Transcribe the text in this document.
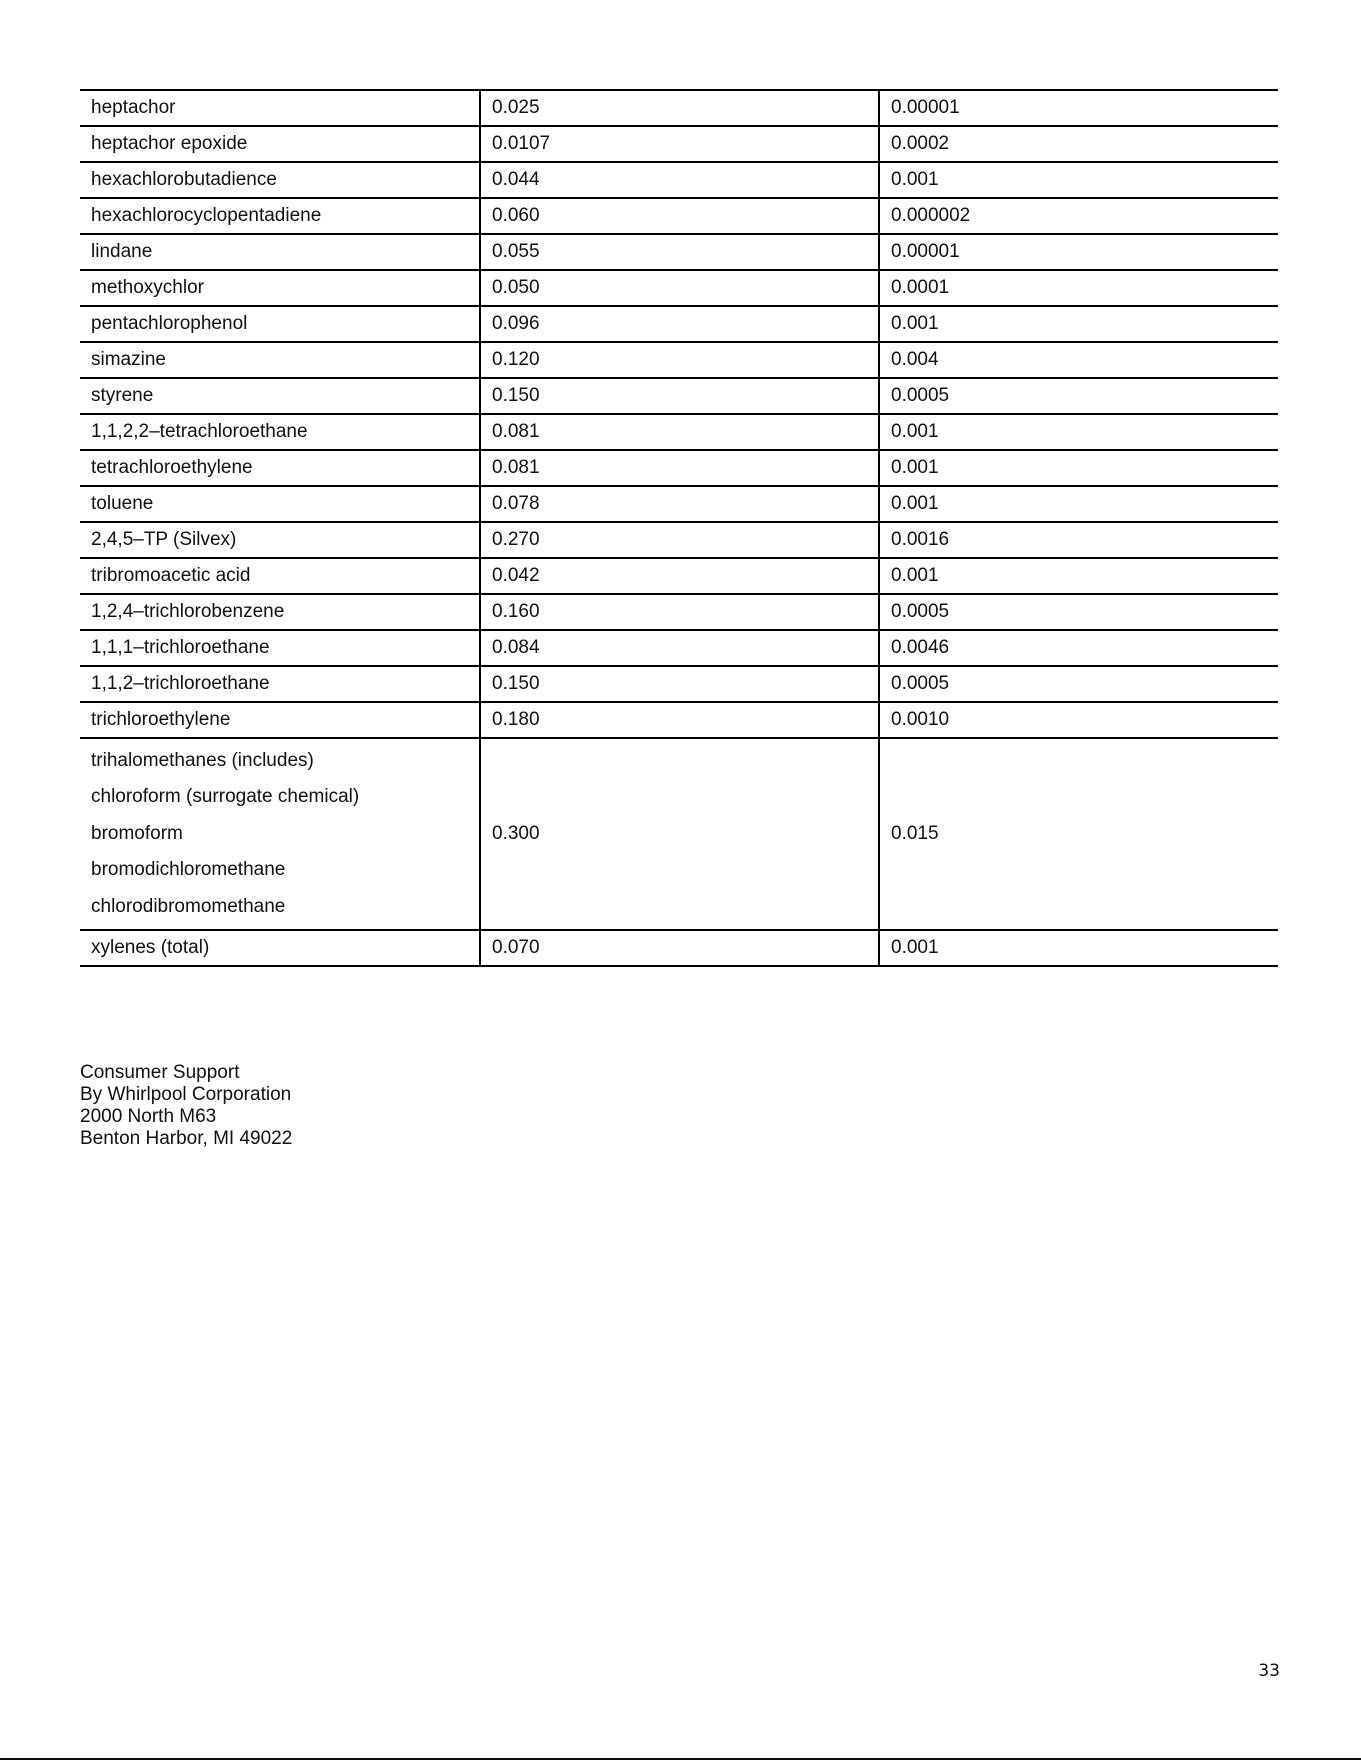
heptachor	0.025	0.00001
heptachor epoxide	0.0107	0.0002
hexachlorobutadience	0.044	0.001
hexachlorocyclopentadiene	0.060	0.000002
lindane	0.055	0.00001
methoxychlor	0.050	0.0001
pentachlorophenol	0.096	0.001
simazine	0.120	0.004
styrene	0.150	0.0005
1,1,2,2–tetrachloroethane	0.081	0.001
tetrachloroethylene	0.081	0.001
toluene	0.078	0.001
2,4,5–TP (Silvex)	0.270	0.0016
tribromoacetic acid	0.042	0.001
1,2,4–trichlorobenzene	0.160	0.0005
1,1,1–trichloroethane	0.084	0.0046
1,1,2–trichloroethane	0.150	0.0005
trichloroethylene	0.180	0.0010

trihalomethanes (includes)
chloroform (surrogate chemical)
bromoform
bromodichloromethane
chlorodibromomethane	0.300	0.015
xylenes (total)	0.070	0.001
Consumer Support
By Whirlpool Corporation
2000 North M63
Benton Harbor, MI 49022
33
